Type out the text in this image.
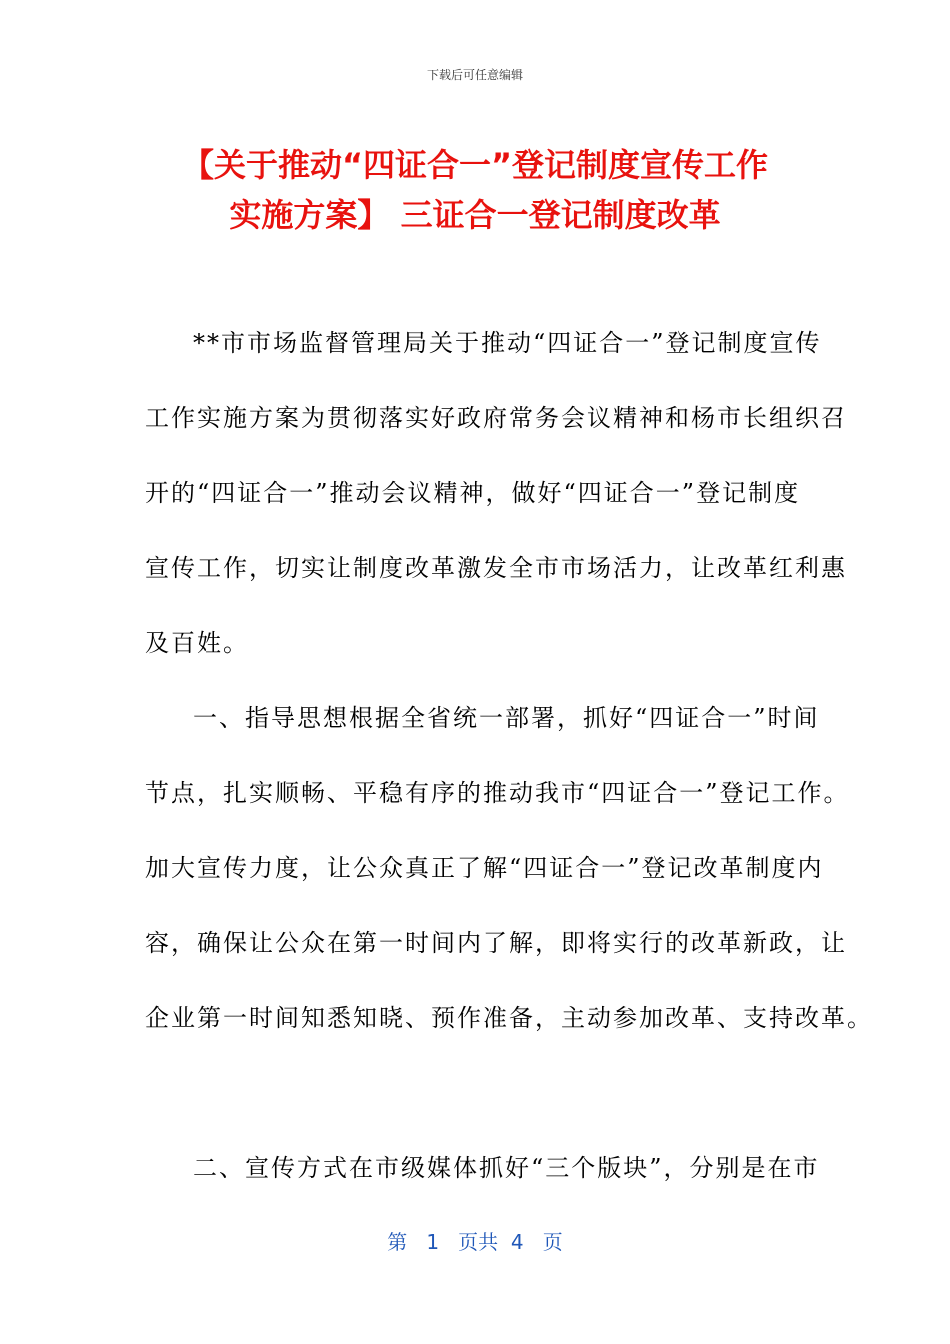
下载后可任意编辑
【关于推动“四证合一”登记制度宣传工作
实施方案】 三证合一登记制度改革
**市市场监督管理局关于推动“四证合一”登记制度宣传
工作实施方案为贯彻落实好政府常务会议精神和杨市长组织召
开的“四证合一”推动会议精神，做好“四证合一”登记制度
宣传工作，切实让制度改革激发全市市场活力，让改革红利惠
及百姓。
一、指导思想根据全省统一部署，抓好“四证合一”时间
节点，扎实顺畅、平稳有序的推动我市“四证合一”登记工作。
加大宣传力度，让公众真正了解“四证合一”登记改革制度内
容，确保让公众在第一时间内了解，即将实行的改革新政，让
企业第一时间知悉知晓、预作准备，主动参加改革、支持改革。
二、宣传方式在市级媒体抓好“三个版块”，分别是在市
第 1 页共 4 页
